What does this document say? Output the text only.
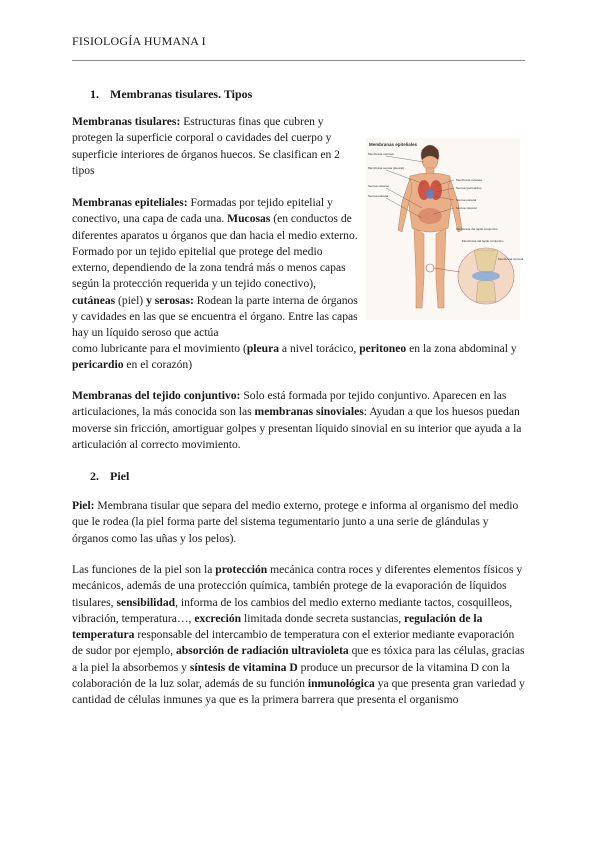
FISIOLOGÍA HUMANA I
1. Membranas tisulares. Tipos

Membranas tisulares: Estructuras finas que cubren y protegen la superficie corporal o cavidades del cuerpo y superficie interiores de órganos huecos. Se clasifican en 2 tipos

Membranas epiteliales: Formadas por tejido epitelial y conectivo, una capa de cada una. Mucosas (en conductos de diferentes aparatos u órganos que dan hacia el medio externo. Formado por un tejido epitelial que protege del medio externo, dependiendo de la zona tendrá más o menos capas según la protección requerida y un tejido conectivo), cutáneas (piel) y serosas: Rodean la parte interna de órganos y cavidades en las que se encuentra el órgano. Entre las capas hay un líquido seroso que actúa

como lubricante para el movimiento (pleura a nivel torácico, peritoneo en la zona abdominal y pericardio en el corazón)

Membranas del tejido conjuntivo: Solo está formada por tejido conjuntivo. Aparecen en las articulaciones, la más conocida son las membranas sinoviales: Ayudan a que los huesos puedan moverse sin fricción, amortiguar golpes y presentan líquido sinovial en su interior que ayuda a la articulación al correcto movimiento.

2. Piel

Piel: Membrana tisular que separa del medio externo, protege e informa al organismo del medio que le rodea (la piel forma parte del sistema tegumentario junto a una serie de glándulas y órganos como las uñas y los pelos).

Las funciones de la piel son la protección mecánica contra roces y diferentes elementos físicos y mecánicos, además de una protección química, también protege de la evaporación de líquidos tisulares, sensibilidad, informa de los cambios del medio externo mediante tactos, cosquilleos, vibración, temperatura…, excreción limitada donde secreta sustancias, regulación de la temperatura responsable del intercambio de temperatura con el exterior mediante evaporación de sudor por ejemplo, absorción de radiación ultravioleta que es tóxica para las células, gracias a la piel la absorbemos y síntesis de vitamina D produce un precursor de la vitamina D con la colaboración de la luz solar, además de su función inmunológica ya que presenta gran variedad y cantidad de células inmunes ya que es la primera barrera que presenta el organismo

Membranas epiteliales
Membrana mucosa
Membrana serosa (pleural)
Serosa visceral
Serosa parietal
Membrana cutánea
Serosa (pericardio)
Serosa parietal
Serosa visceral
Membrana del tejido conjuntivo
Membrana del tejido conjuntivo
Membrana sinovial
